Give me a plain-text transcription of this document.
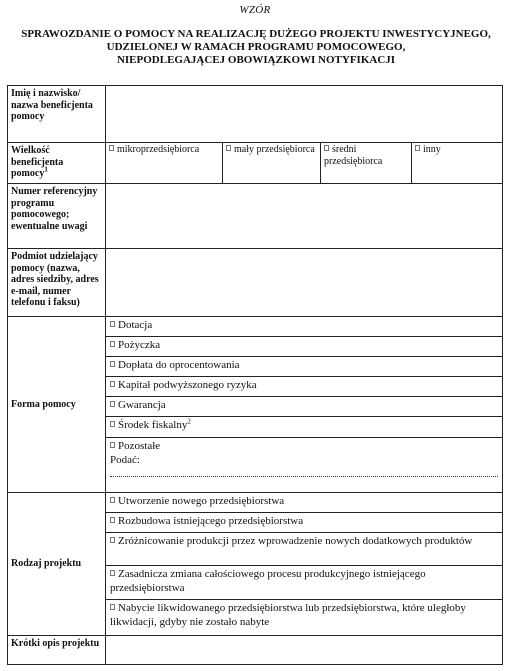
WZÓR
SPRAWOZDANIE O POMOCY NA REALIZACJĘ DUŻEGO PROJEKTU INWESTYCYJNEGO,
UDZIELONEJ W RAMACH PROGRAMU POMOCOWEGO,
NIEPODLEGAJĄCEJ OBOWIĄZKOWI NOTYFIKACJI
Imię i nazwisko/ nazwa beneficjenta pomocy
Wielkość beneficjenta pomocy$^1$
mikroprzedsiębiorca	mały przedsiębiorca	średni przedsiębiorca
inny
Numer referencyjny programu pomocowego; ewentualne uwagi
Podmiot udzielający pomocy (nazwa, adres siedziby, adres e-mail, numer telefonu i faksu)
Forma pomocy
Dotacja
Pożyczka
Dopłata do oprocentowania
Kapitał podwyższonego ryzyka
Gwarancja
Środek fiskalny$^2$
Pozostałe
Podać:
Rodzaj projektu
Utworzenie nowego przedsiębiorstwa
Rozbudowa istniejącego przedsiębiorstwa
Zróżnicowanie produkcji przez wprowadzenie nowych dodatkowych produktów
Zasadnicza zmiana całościowego procesu produkcyjnego istniejącego przedsiębiorstwa
Nabycie likwidowanego przedsiębiorstwa lub przedsiębiorstwa, które uległoby likwidacji, gdyby nie zostało nabyte
Krótki opis projektu
